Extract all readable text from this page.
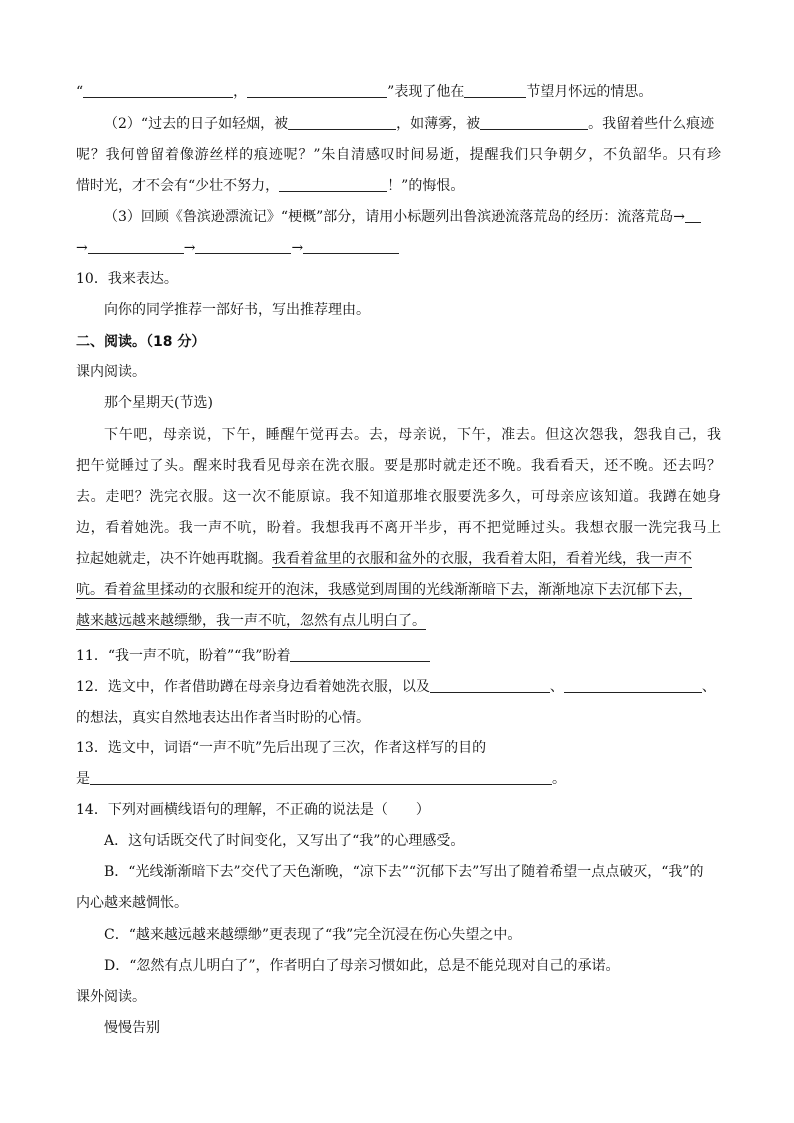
“	，	”表现了他在	节望月怀远的情思。
（2）“过去的日子如轻烟，被	，如薄雾，被	。我留着些什么痕迹
呢？我何曾留着像游丝样的痕迹呢？”朱自清感叹时间易逝，提醒我们只争朝夕，不负韶华。只有珍
惜时光，才不会有“少壮不努力，	！”的悔恨。
（3）回顾《鲁滨逊漂流记》“梗概”部分，请用小标题列出鲁滨逊流落荒岛的经历：流落荒岛→
→	→	→
10．我来表达。
向你的同学推荐一部好书，写出推荐理由。
二、阅读。（18 分）
课内阅读。
那个星期天(节选)
下午吧，母亲说，下午，睡醒午觉再去。去，母亲说，下午，准去。但这次怨我，怨我自己，我
把午觉睡过了头。醒来时我看见母亲在洗衣服。要是那时就走还不晚。我看看天，还不晚。还去吗？
去。走吧？洗完衣服。这一次不能原谅。我不知道那堆衣服要洗多久，可母亲应该知道。我蹲在她身
边，看着她洗。我一声不吭，盼着。我想我再不离开半步，再不把觉睡过头。我想衣服一洗完我马上
拉起她就走，决不许她再耽搁。我看着盆里的衣服和盆外的衣服，我看着太阳，看着光线，我一声不
吭。看着盆里揉动的衣服和绽开的泡沫，我感觉到周围的光线渐渐暗下去，渐渐地凉下去沉郁下去，
越来越远越来越缥缈，我一声不吭，忽然有点儿明白了。
11．“我一声不吭，盼着”“我”盼着
12．选文中，作者借助蹲在母亲身边看着她洗衣服，以及	、	、
的想法，真实自然地表达出作者当时盼的心情。
13．选文中，词语“一声不吭”先后出现了三次，作者这样写的目的
是	。
14．下列对画横线语句的理解，不正确的说法是（　　）
A．这句话既交代了时间变化，又写出了“我”的心理感受。
B．“光线渐渐暗下去”交代了天色渐晚，“凉下去”“沉郁下去”写出了随着希望一点点破灭，“我”的
内心越来越惆怅。
C．“越来越远越来越缥缈”更表现了“我”完全沉浸在伤心失望之中。
D．“忽然有点儿明白了”，作者明白了母亲习惯如此，总是不能兑现对自己的承诺。
课外阅读。
慢慢告别
